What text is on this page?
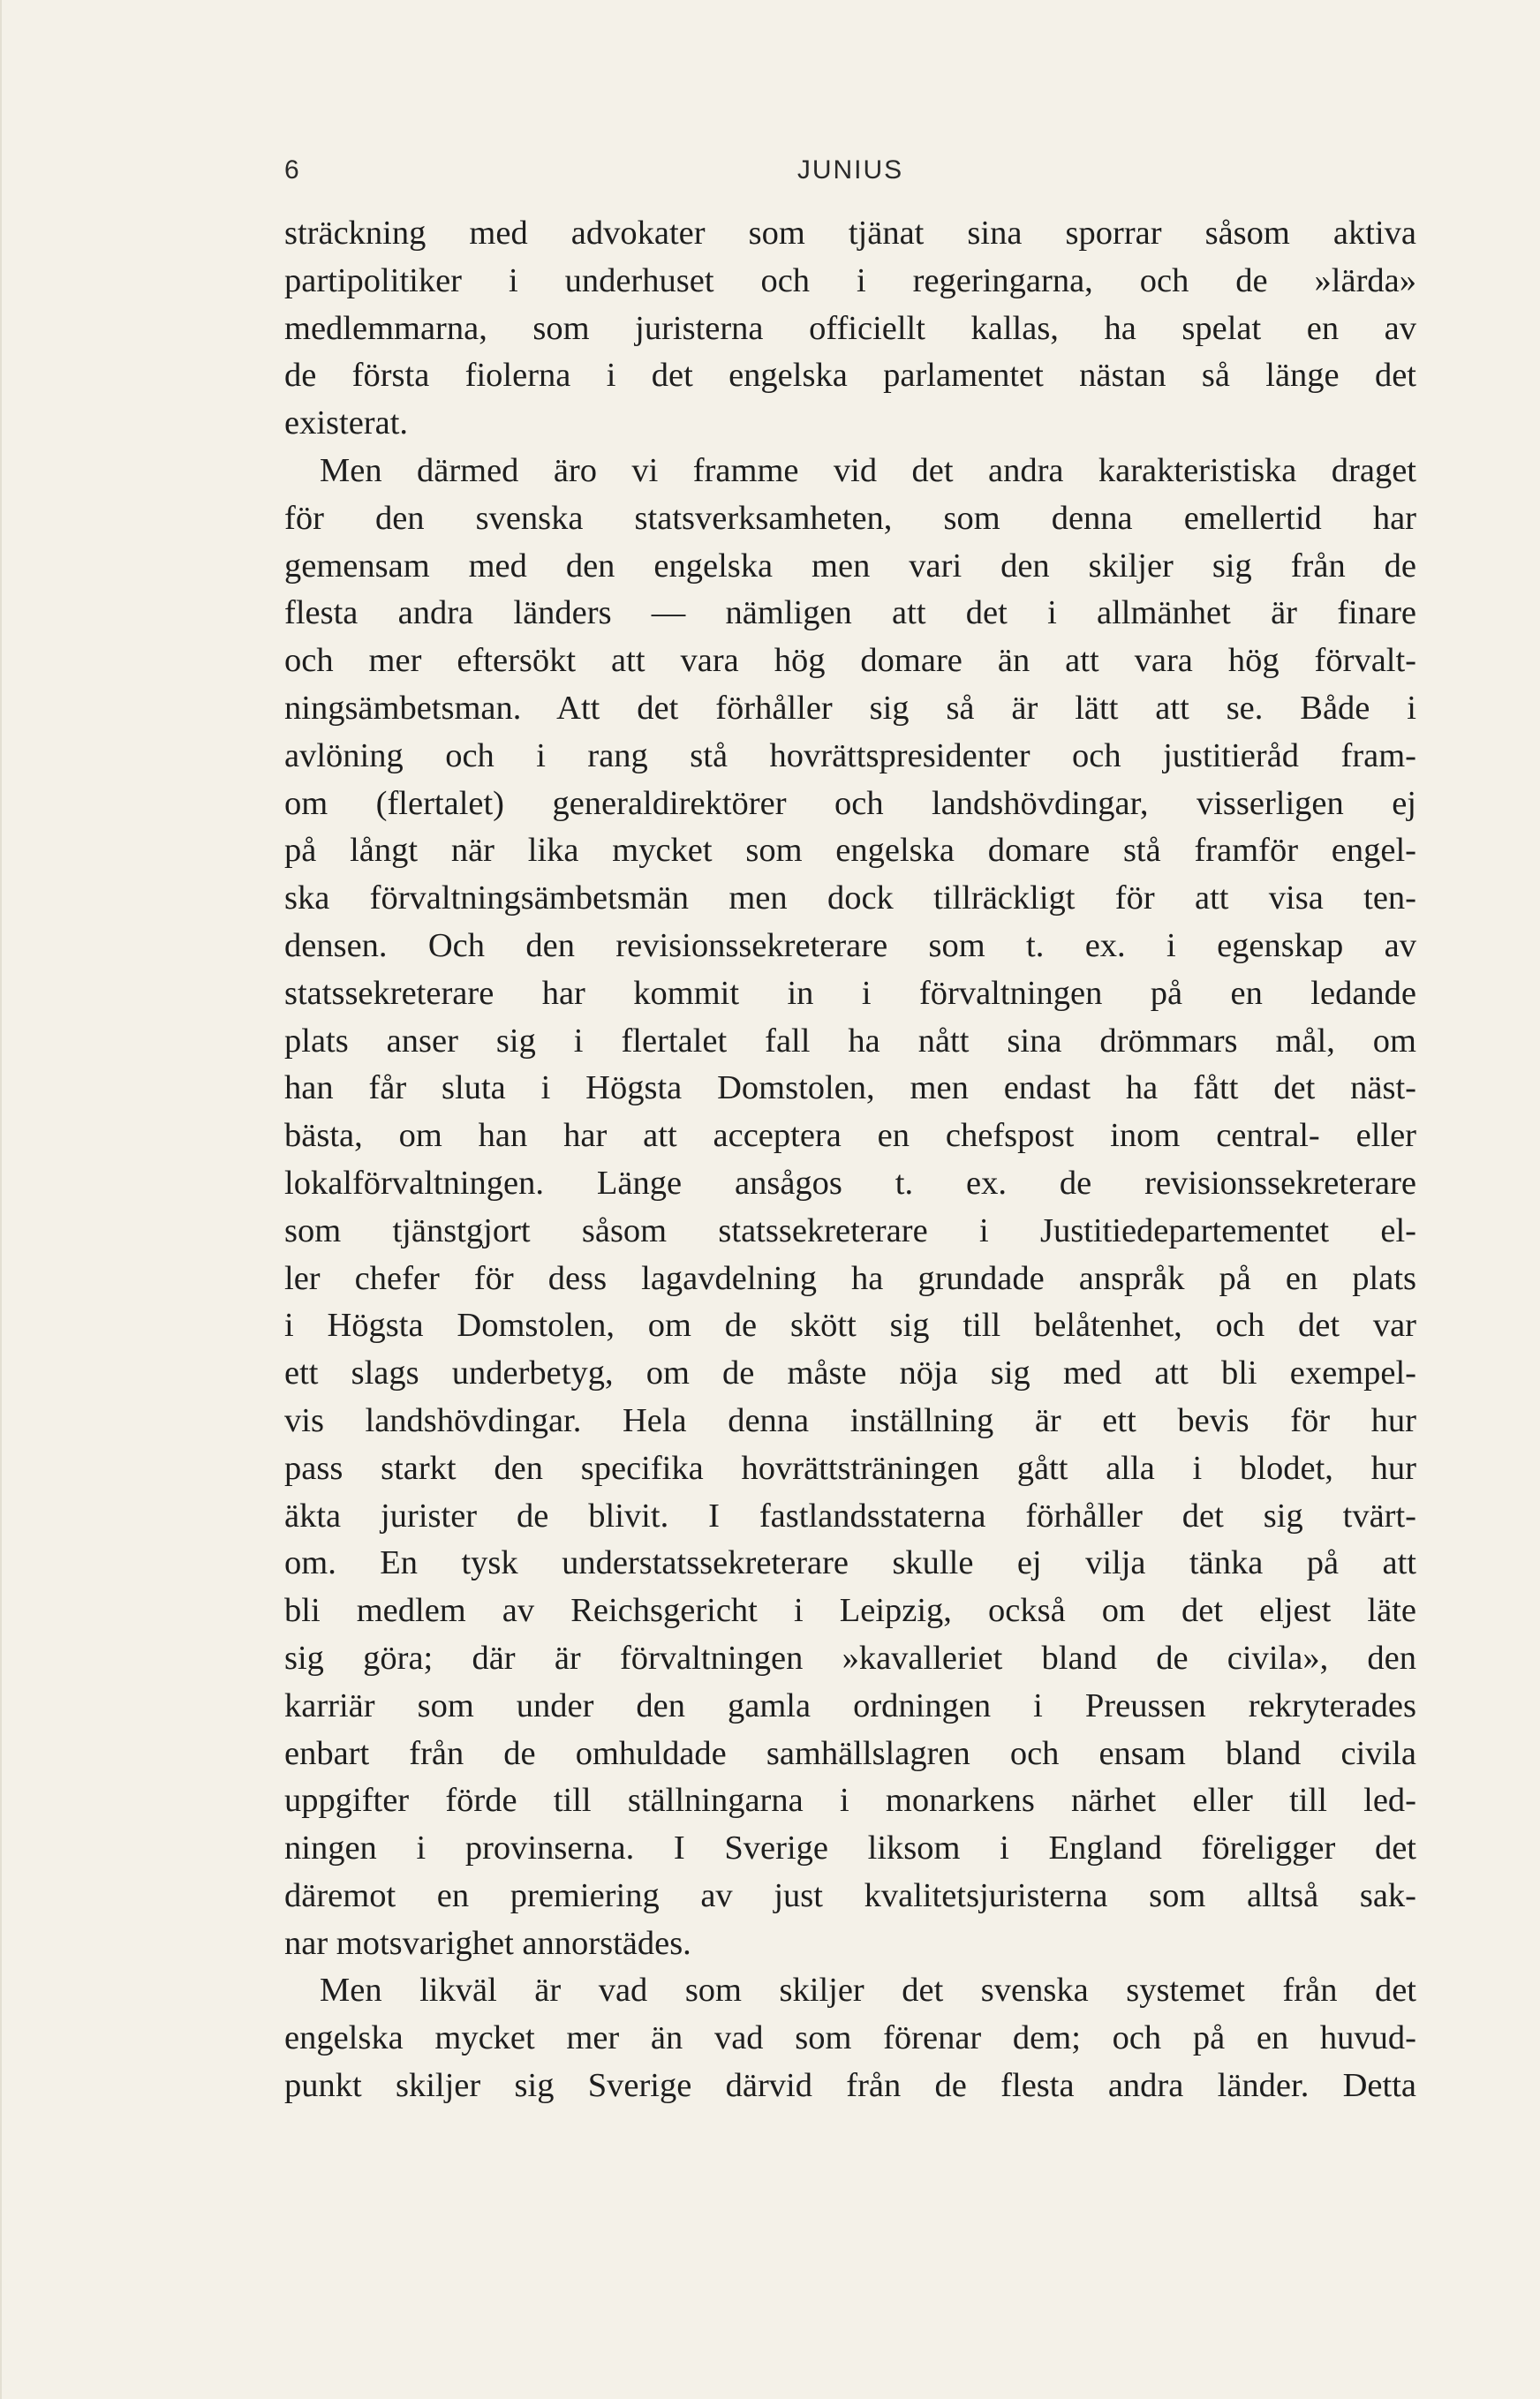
6	JUNIUS
sträckning med advokater som tjänat sina sporrar såsom aktiva
partipolitiker i underhuset och i regeringarna, och de »lärda»
medlemmarna, som juristerna officiellt kallas, ha spelat en av
de första fiolerna i det engelska parlamentet nästan så länge det
existerat.
Men därmed äro vi framme vid det andra karakteristiska draget
för den svenska statsverksamheten, som denna emellertid har
gemensam med den engelska men vari den skiljer sig från de
flesta andra länders — nämligen att det i allmänhet är finare
och mer eftersökt att vara hög domare än att vara hög förvalt-
ningsämbetsman. Att det förhåller sig så är lätt att se. Både i
avlöning och i rang stå hovrättspresidenter och justitieråd fram-
om (flertalet) generaldirektörer och landshövdingar, visserligen ej
på långt när lika mycket som engelska domare stå framför engel-
ska förvaltningsämbetsmän men dock tillräckligt för att visa ten-
densen. Och den revisionssekreterare som t. ex. i egenskap av
statssekreterare har kommit in i förvaltningen på en ledande
plats anser sig i flertalet fall ha nått sina drömmars mål, om
han får sluta i Högsta Domstolen, men endast ha fått det näst-
bästa, om han har att acceptera en chefspost inom central- eller
lokalförvaltningen. Länge ansågos t. ex. de revisionssekreterare
som tjänstgjort såsom statssekreterare i Justitiedepartementet el-
ler chefer för dess lagavdelning ha grundade anspråk på en plats
i Högsta Domstolen, om de skött sig till belåtenhet, och det var
ett slags underbetyg, om de måste nöja sig med att bli exempel-
vis landshövdingar. Hela denna inställning är ett bevis för hur
pass starkt den specifika hovrättsträningen gått alla i blodet, hur
äkta jurister de blivit. I fastlandsstaterna förhåller det sig tvärt-
om. En tysk understatssekreterare skulle ej vilja tänka på att
bli medlem av Reichsgericht i Leipzig, också om det eljest läte
sig göra; där är förvaltningen »kavalleriet bland de civila», den
karriär som under den gamla ordningen i Preussen rekryterades
enbart från de omhuldade samhällslagren och ensam bland civila
uppgifter förde till ställningarna i monarkens närhet eller till led-
ningen i provinserna. I Sverige liksom i England föreligger det
däremot en premiering av just kvalitetsjuristerna som alltså sak-
nar motsvarighet annorstädes.
Men likväl är vad som skiljer det svenska systemet från det
engelska mycket mer än vad som förenar dem; och på en huvud-
punkt skiljer sig Sverige därvid från de flesta andra länder. Detta
